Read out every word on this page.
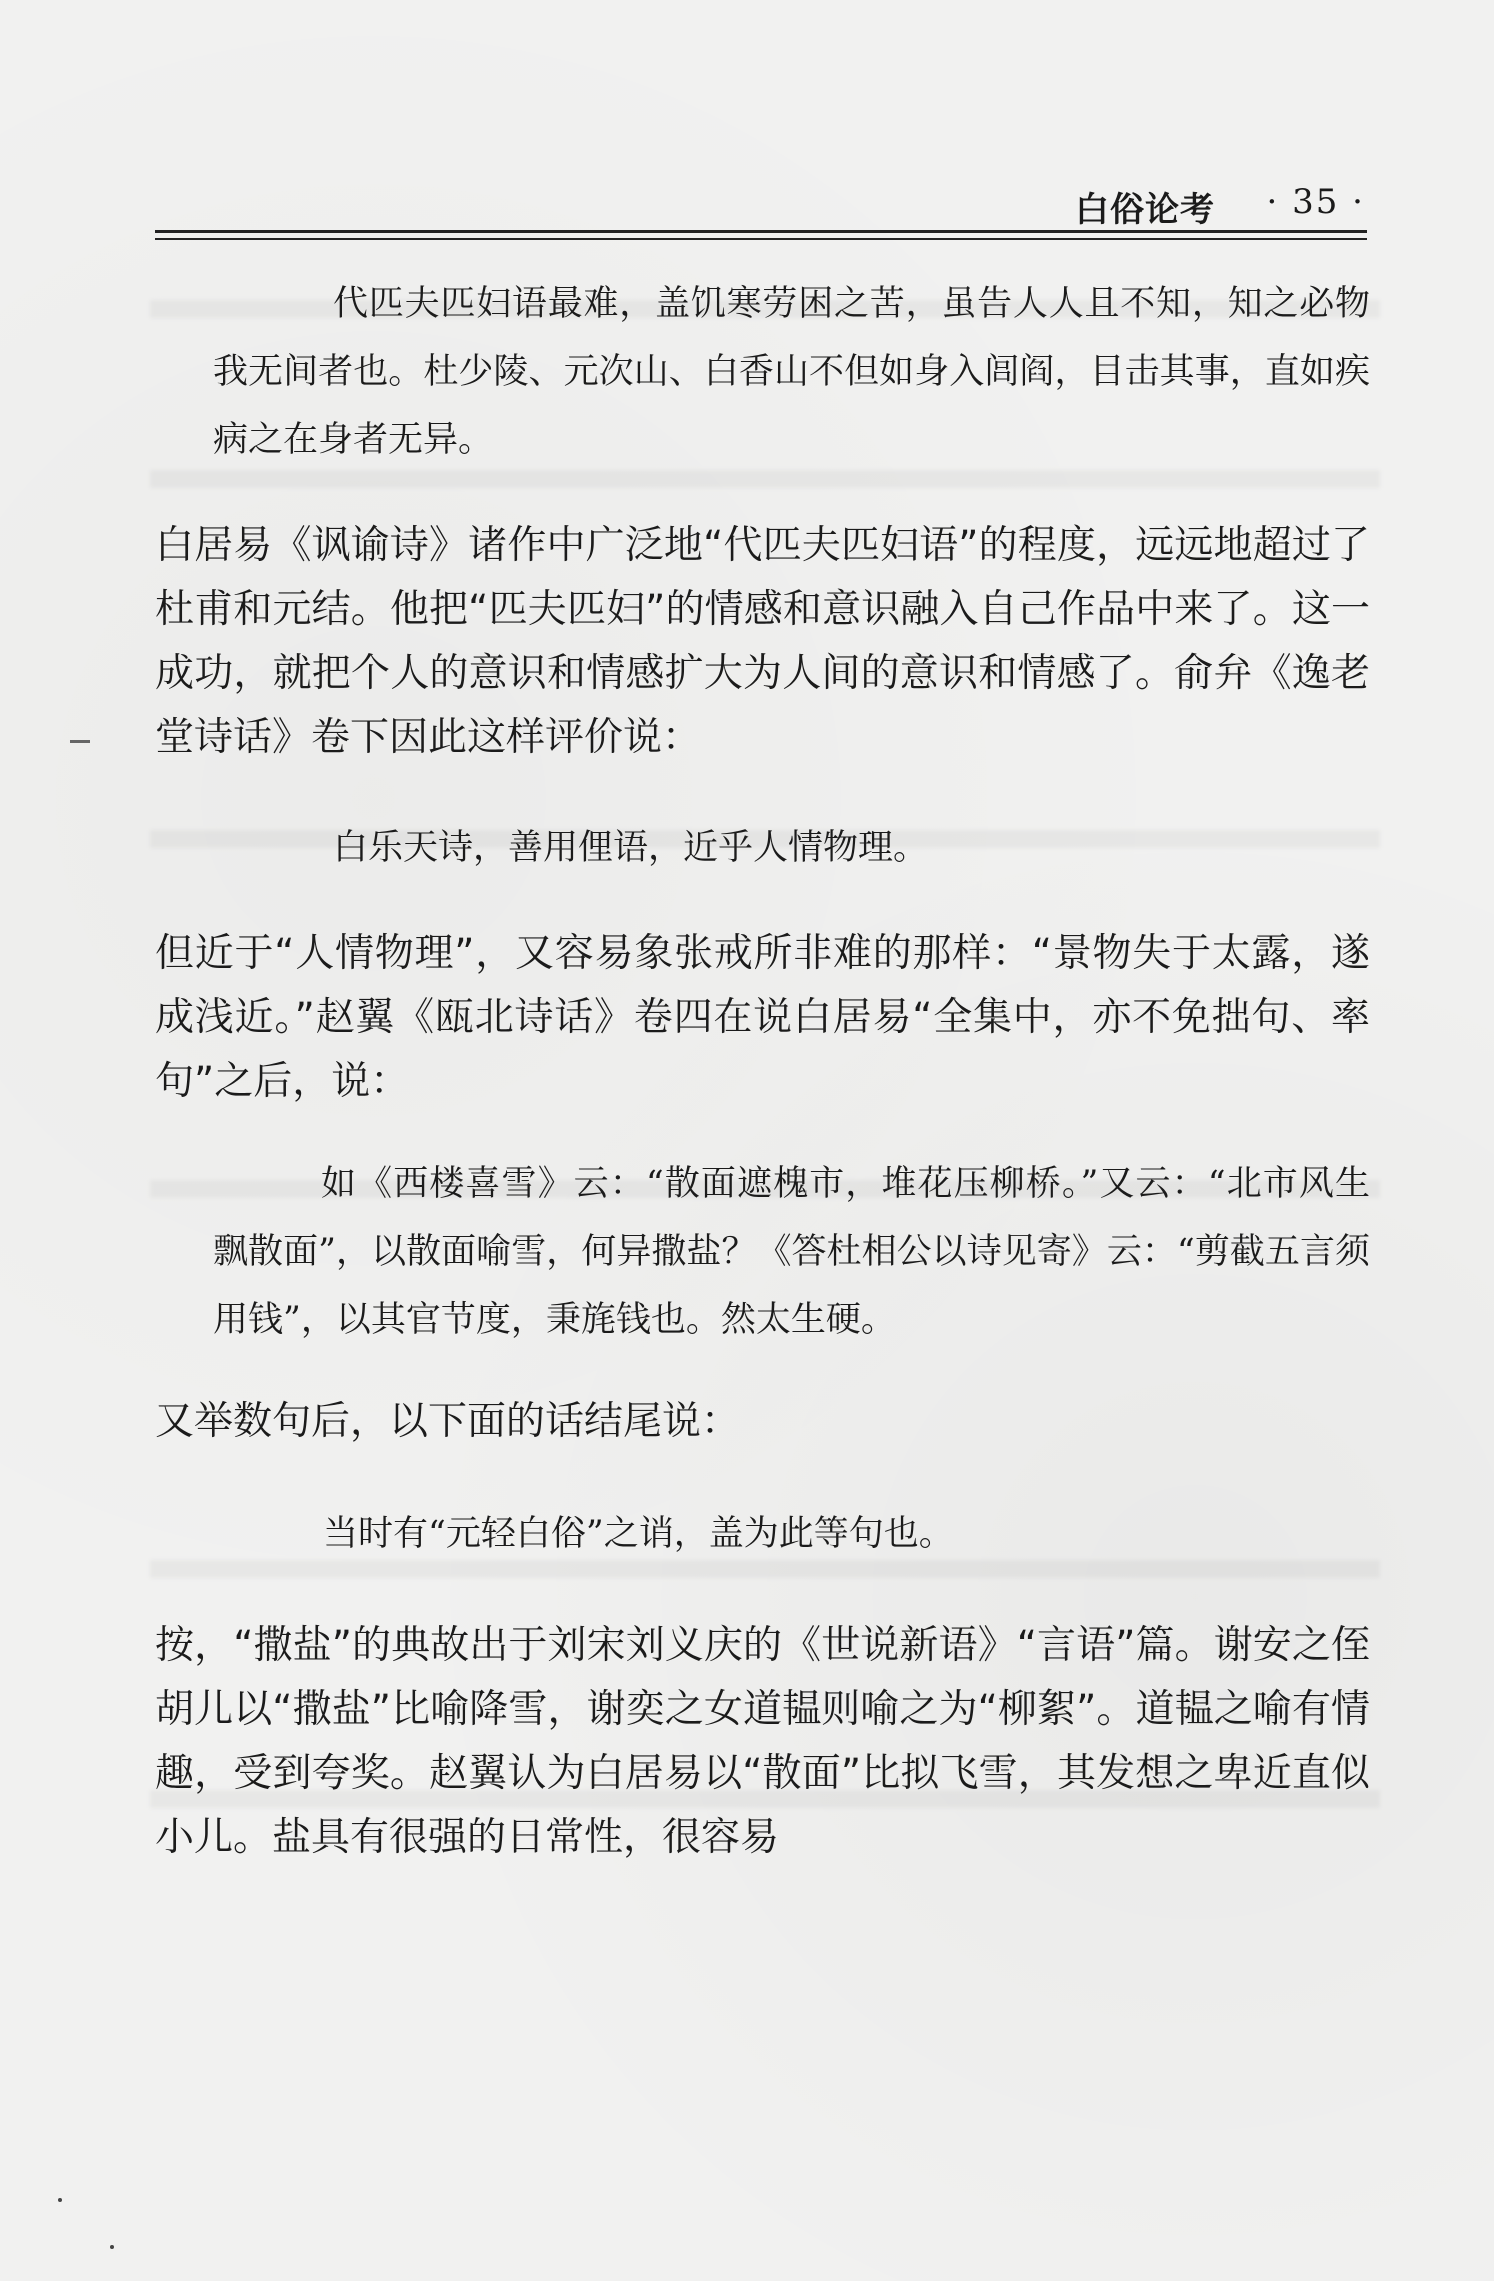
白俗论考 · 35 ·

代匹夫匹妇语最难，盖饥寒劳困之苦，虽告人人且不知，知之必物我无间者也。杜少陵、元次山、白香山不但如身入闾阎，目击其事，直如疾病之在身者无异。

白居易《讽谕诗》诸作中广泛地“代匹夫匹妇语”的程度，远远地超过了杜甫和元结。他把“匹夫匹妇”的情感和意识融入自己作品中来了。这一成功，就把个人的意识和情感扩大为人间的意识和情感了。俞弁《逸老堂诗话》卷下因此这样评价说：

白乐天诗，善用俚语，近乎人情物理。

但近于“人情物理”，又容易象张戒所非难的那样：“景物失于太露，遂成浅近。”赵翼《瓯北诗话》卷四在说白居易“全集中，亦不免拙句、率句”之后，说：

如《西楼喜雪》云：“散面遮槐市，堆花压柳桥。”又云：“北市风生飘散面”，以散面喻雪，何异撒盐？《答杜相公以诗见寄》云：“剪截五言须用钱”，以其官节度，秉旄钱也。然太生硬。

又举数句后，以下面的话结尾说：

当时有“元轻白俗”之诮，盖为此等句也。

按，“撒盐”的典故出于刘宋刘义庆的《世说新语》“言语”篇。谢安之侄胡儿以“撒盐”比喻降雪，谢奕之女道韫则喻之为“柳絮”。道韫之喻有情趣，受到夸奖。赵翼认为白居易以“散面”比拟飞雪，其发想之卑近直似小儿。盐具有很强的日常性，很容易
